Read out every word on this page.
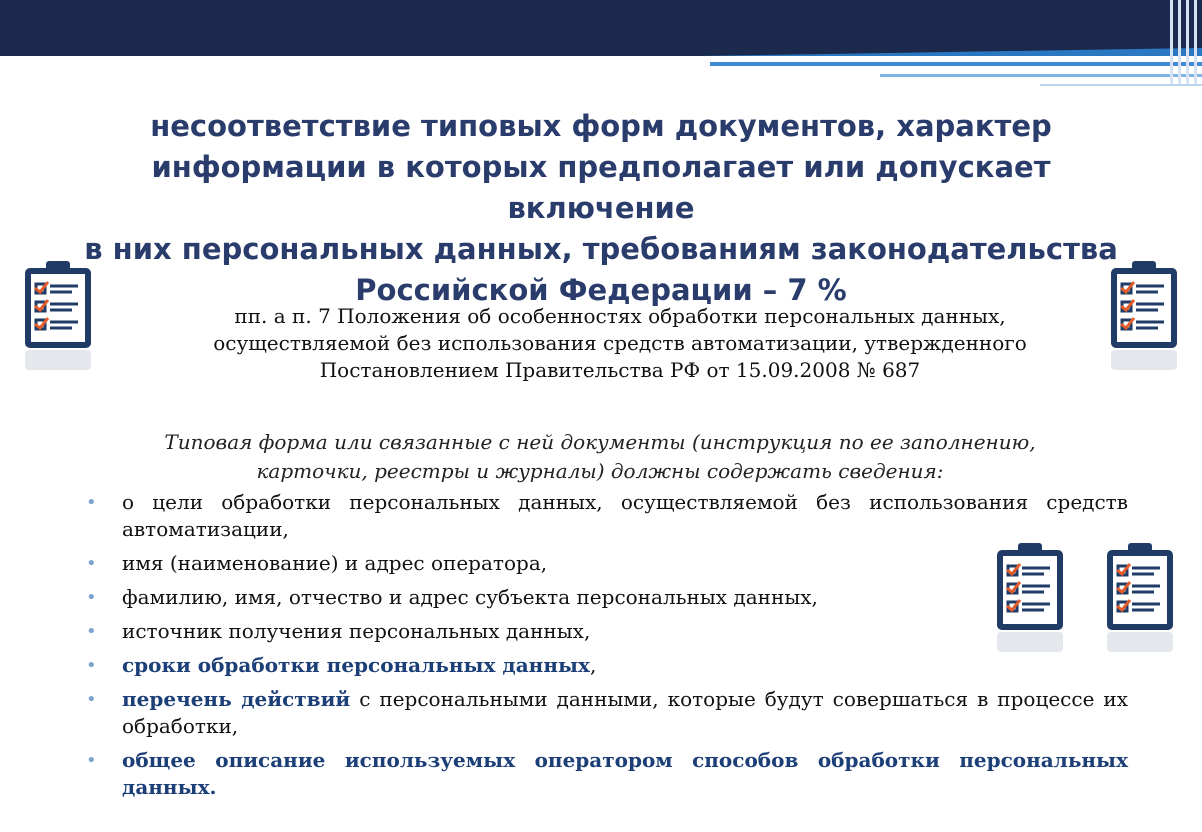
несоответствие типовых форм документов, характер
информации в которых предполагает или допускает включение
в них персональных данных, требованиям законодательства
Российской Федерации – 7 %
пп. а п. 7 Положения об особенностях обработки персональных данных,
осуществляемой без использования средств автоматизации, утвержденного
Постановлением Правительства РФ от 15.09.2008 № 687
Типовая форма или связанные с ней документы (инструкция по ее заполнению,
карточки, реестры и журналы) должны содержать сведения:
• о цели обработки персональных данных, осуществляемой без использования средств автоматизации,
• имя (наименование) и адрес оператора,
• фамилию, имя, отчество и адрес субъекта персональных данных,
• источник получения персональных данных,
• сроки обработки персональных данных,
• перечень действий с персональными данными, которые будут совершаться в процессе их обработки,
• общее описание используемых оператором способов обработки персональных данных.
